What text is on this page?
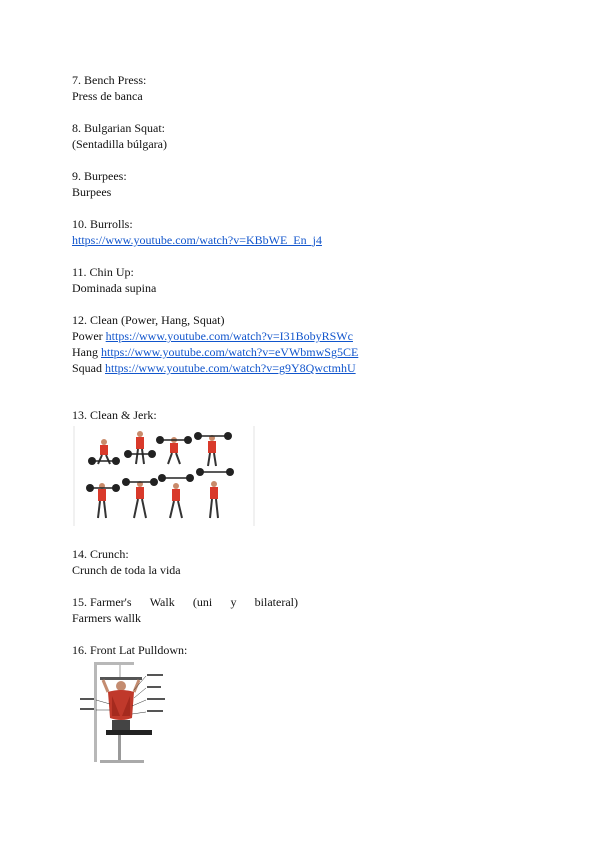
7. Bench Press:
Press de banca
8. Bulgarian Squat:
(Sentadilla búlgara)
9. Burpees:
Burpees
10. Burrolls:
https://www.youtube.com/watch?v=KBbWE_En_j4
11. Chin Up:
Dominada supina
12. Clean (Power, Hang, Squat)
Power https://www.youtube.com/watch?v=I31BobyRSWc
Hang https://www.youtube.com/watch?v=eVWbmwSg5CE
Squad https://www.youtube.com/watch?v=g9Y8QwctmhU
13. Clean & Jerk:
14. Crunch:
Crunch de toda la vida
15. Farmer's Walk (uni y bilateral)
Farmers wallk
16. Front Lat Pulldown:
